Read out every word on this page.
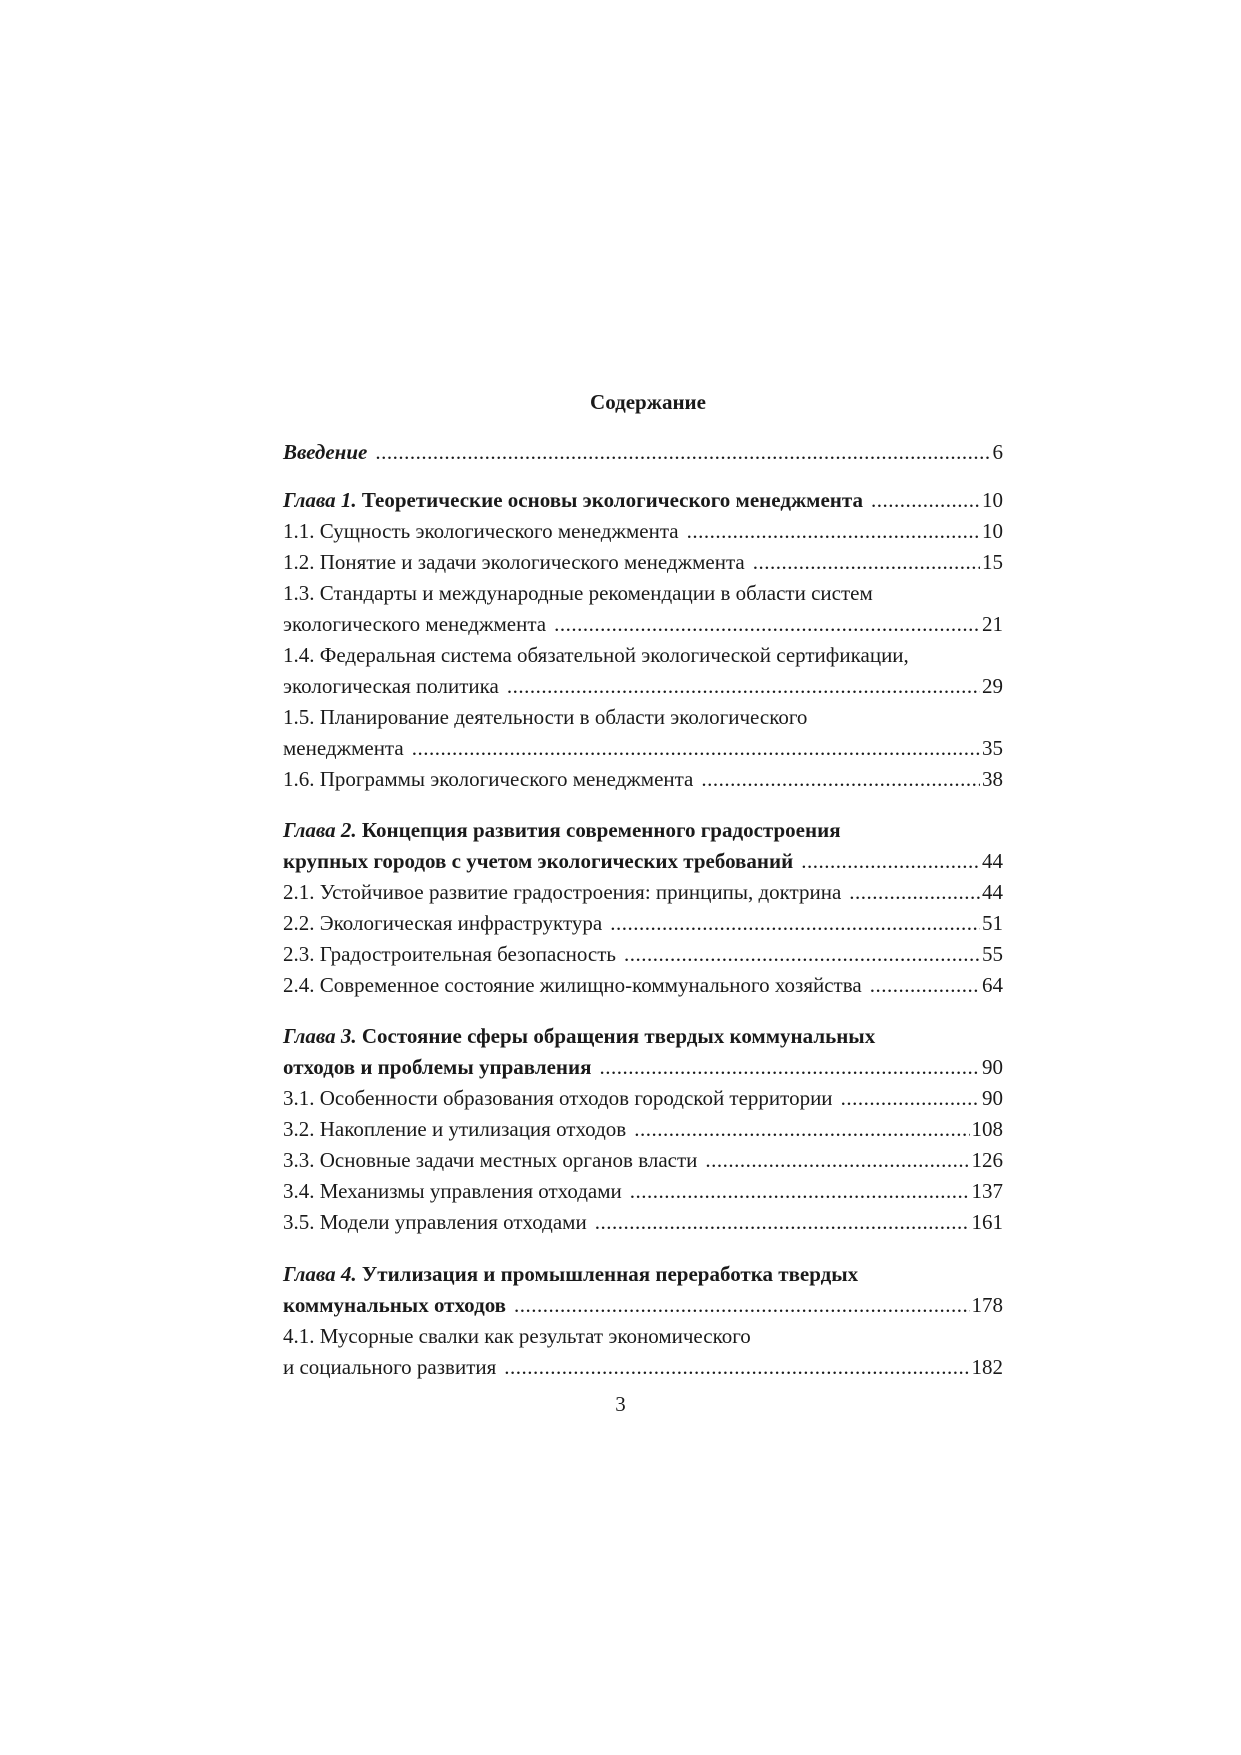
Содержание
Введение .....	6
Глава 1. Теоретические основы экологического менеджмента .....	10
1.1. Сущность экологического менеджмента .....	10
1.2. Понятие и задачи экологического менеджмента .....	15
1.3. Стандарты и международные рекомендации в области систем
экологического менеджмента .....	21
1.4. Федеральная система обязательной экологической сертификации,
экологическая политика .....	29
1.5. Планирование деятельности в области экологического
менеджмента .....	35
1.6. Программы экологического менеджмента .....	38
Глава 2. Концепция развития современного градостроения
крупных городов с учетом экологических требований .....	44
2.1. Устойчивое развитие градостроения: принципы, доктрина .....	44
2.2. Экологическая инфраструктура .....	51
2.3. Градостроительная безопасность .....	55
2.4. Современное состояние жилищно-коммунального хозяйства .....	64
Глава 3. Состояние сферы обращения твердых коммунальных
отходов и проблемы управления .....	90
3.1. Особенности образования отходов городской территории .....	90
3.2. Накопление и утилизация отходов .....	108
3.3. Основные задачи местных органов власти .....	126
3.4. Механизмы управления отходами .....	137
3.5. Модели управления отходами .....	161
Глава 4. Утилизация и промышленная переработка твердых
коммунальных отходов .....	178
4.1. Мусорные свалки как результат экономического
и социального развития .....	182
3
